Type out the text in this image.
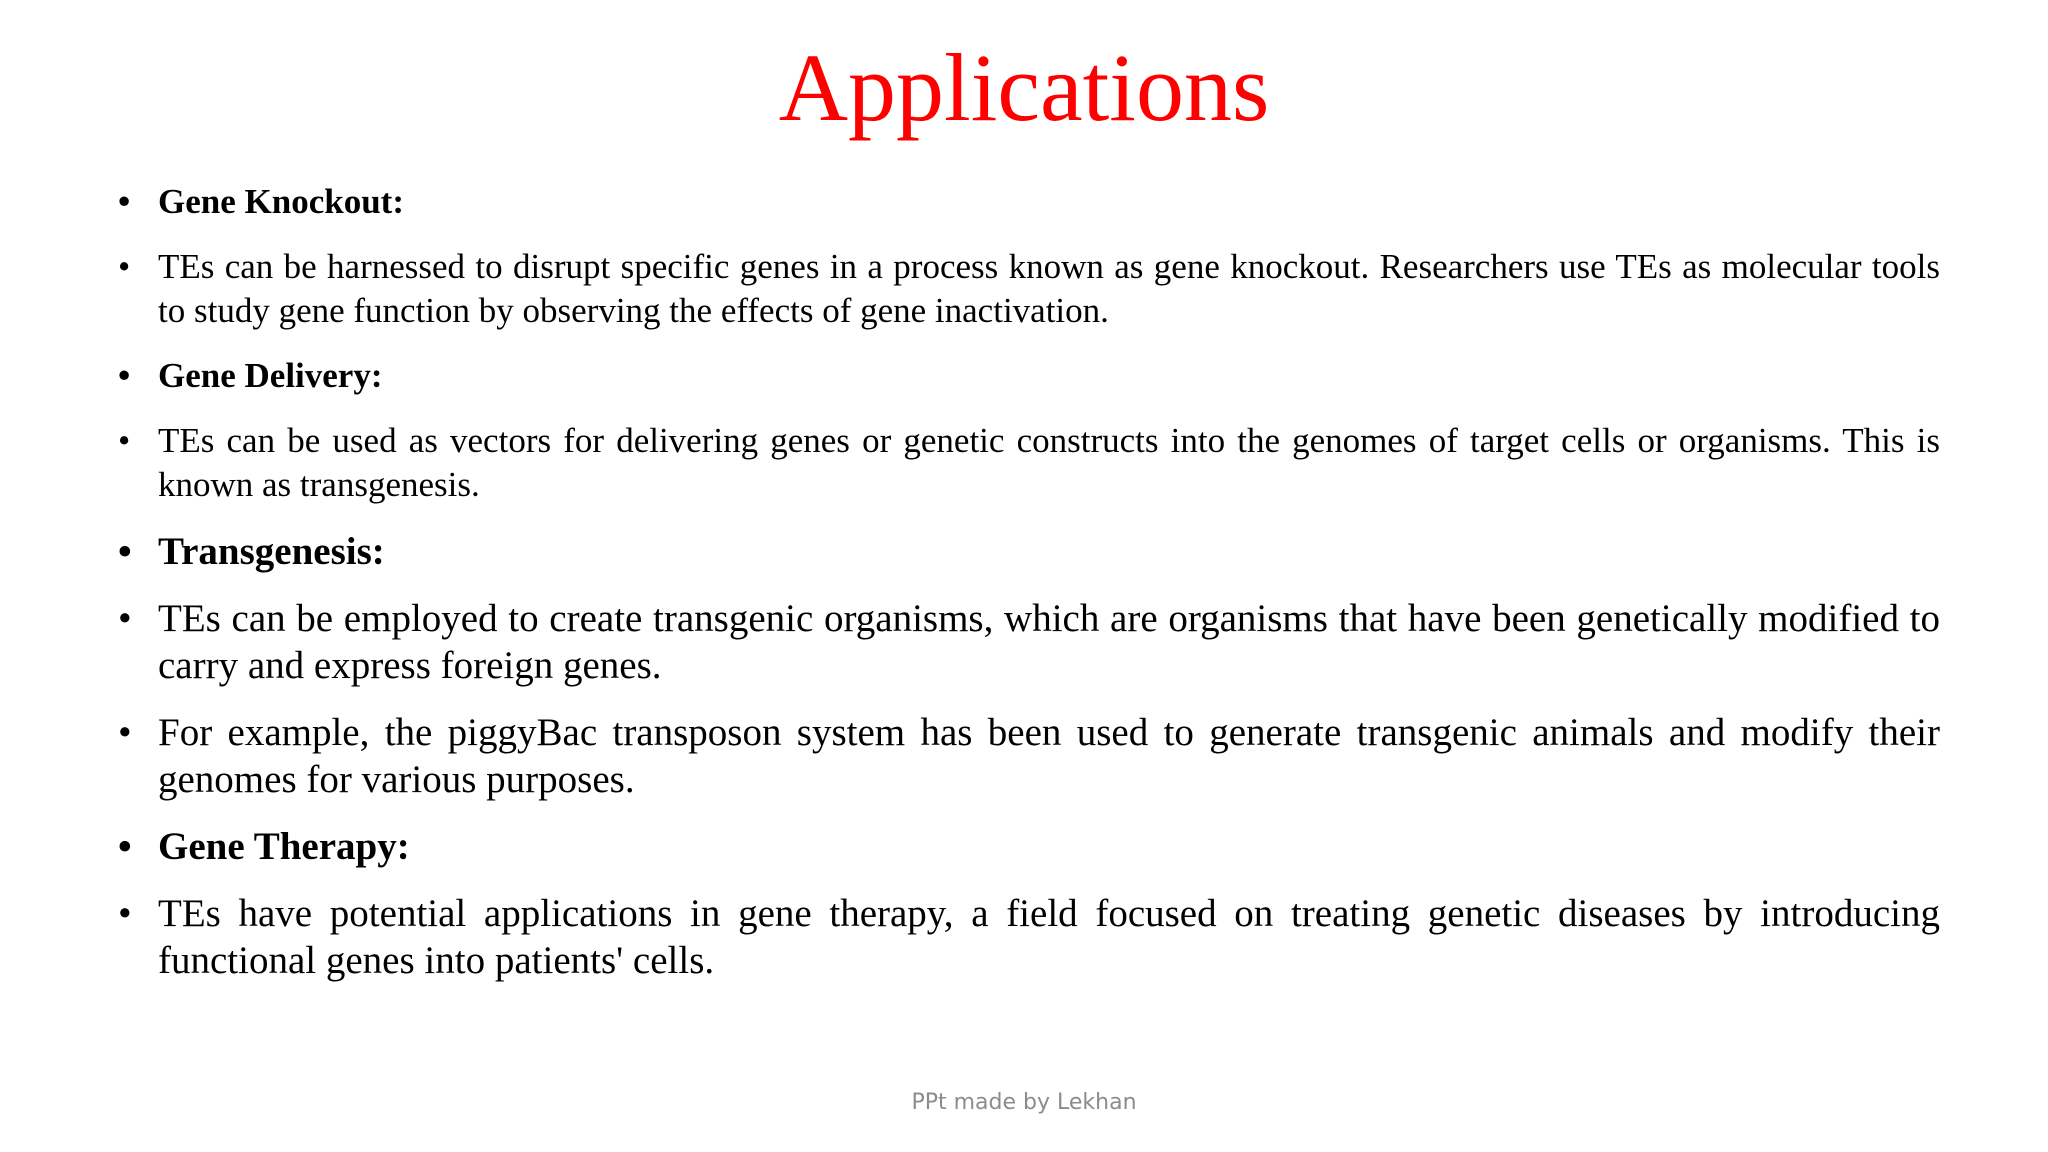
Applications
• Gene Knockout:
• TEs can be harnessed to disrupt specific genes in a process known as gene knockout. Researchers use TEs as molecular tools to study gene function by observing the effects of gene inactivation.
• Gene Delivery:
• TEs can be used as vectors for delivering genes or genetic constructs into the genomes of target cells or organisms. This is known as transgenesis.
• Transgenesis:
• TEs can be employed to create transgenic organisms, which are organisms that have been genetically modified to carry and express foreign genes.
• For example, the piggyBac transposon system has been used to generate transgenic animals and modify their genomes for various purposes.
• Gene Therapy:
• TEs have potential applications in gene therapy, a field focused on treating genetic diseases by introducing functional genes into patients' cells.
PPt made by Lekhan
